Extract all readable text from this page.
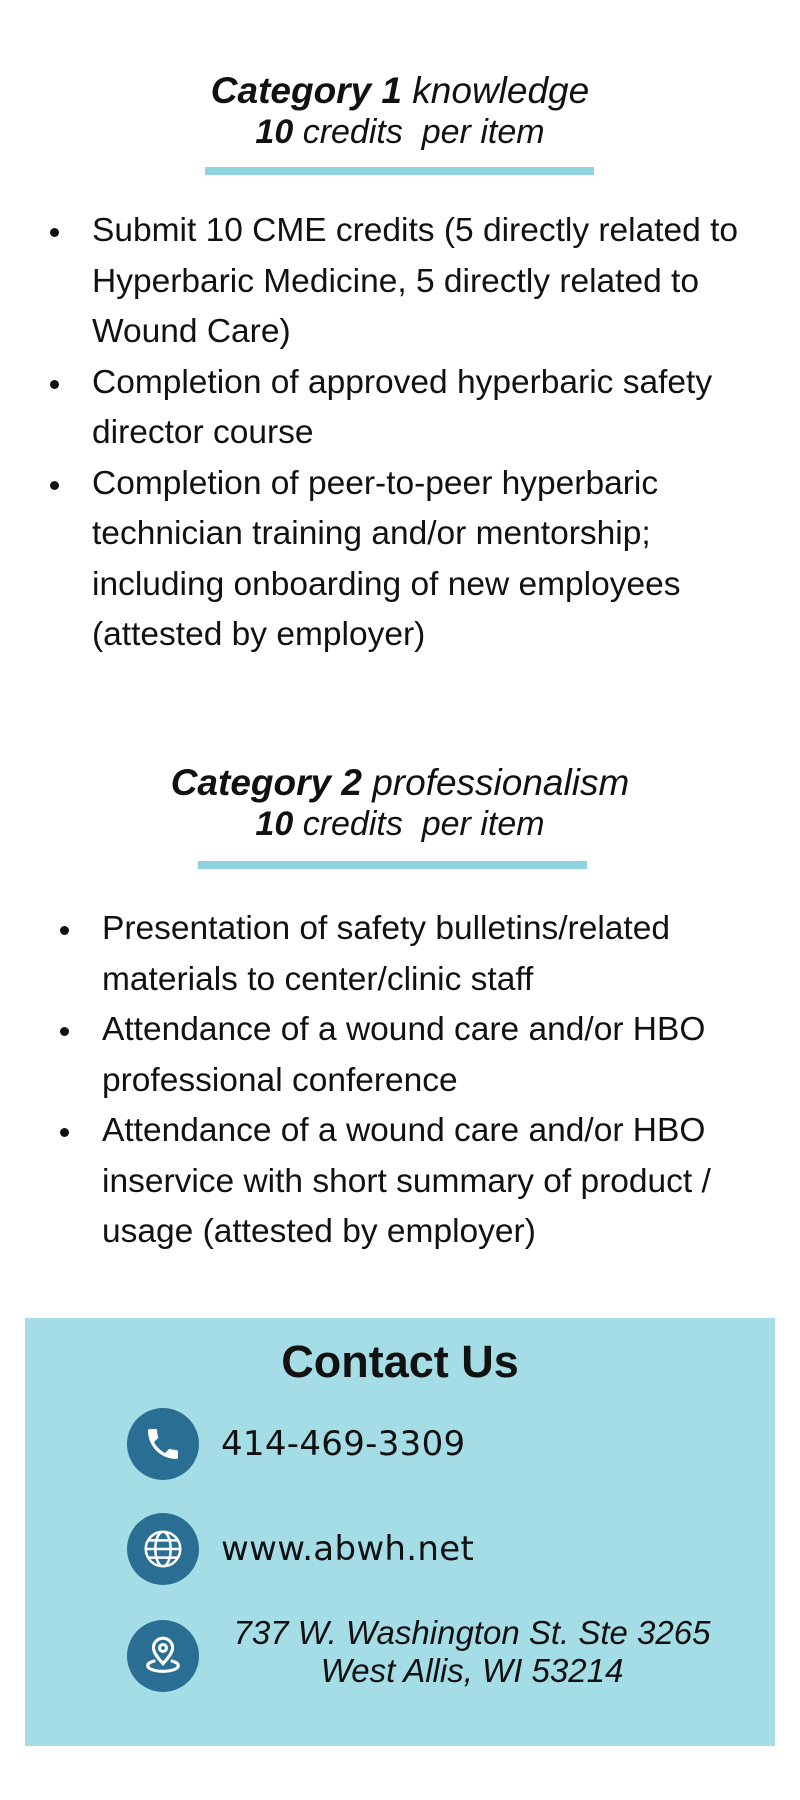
Category 1 knowledge
10 credits  per item
Submit 10 CME credits (5 directly related to Hyperbaric Medicine, 5 directly related to Wound Care)
Completion of approved hyperbaric safety director course
Completion of peer-to-peer hyperbaric technician training and/or mentorship; including onboarding of new employees (attested by employer)
Category 2 professionalism
10 credits  per item
Presentation of safety bulletins/related materials to center/clinic staff
Attendance of a wound care and/or HBO professional conference
Attendance of a wound care and/or HBO inservice with short summary of product / usage (attested by employer)
Contact Us
414-469-3309
www.abwh.net
737 W. Washington St. Ste 3265
West Allis, WI 53214
